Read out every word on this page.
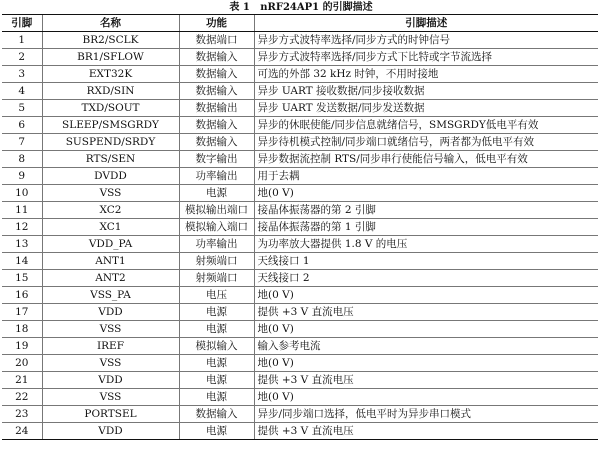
表 1 nRF24AP1 的引脚描述
引脚	名称	功能	引脚描述
1	BR2/SCLK	数据端口	异步方式波特率选择/同步方式的时钟信号
2	BR1/SFLOW	数据输入	异步方式波特率选择/同步方式下比特或字节流选择
3	EXT32K	数据输入	可选的外部 32 kHz 时钟，不用时接地
4	RXD/SIN	数据输入	异步 UART 接收数据/同步接收数据
5	TXD/SOUT	数据输出	异步 UART 发送数据/同步发送数据
6	SLEEP/SMSGRDY	数据输入	异步的休眠使能/同步信息就绪信号，SMSGRDY低电平有效
7	SUSPEND/SRDY	数据输入	异步待机模式控制/同步端口就绪信号，两者都为低电平有效
8	RTS/SEN	数字输出	异步数据流控制 RTS/同步串行使能信号输入，低电平有效
9	DVDD	功率输出	用于去耦
10	VSS	电源	地(0 V)
11	XC2	模拟输出端口	接晶体振荡器的第 2 引脚
12	XC1	模拟输入端口	接晶体振荡器的第 1 引脚
13	VDD_PA	功率输出	为功率放大器提供 1.8 V 的电压
14	ANT1	射频端口	天线接口 1
15	ANT2	射频端口	天线接口 2
16	VSS_PA	电压	地(0 V)
17	VDD	电源	提供 +3 V 直流电压
18	VSS	电源	地(0 V)
19	IREF	模拟输入	输入参考电流
20	VSS	电源	地(0 V)
21	VDD	电源	提供 +3 V 直流电压
22	VSS	电源	地(0 V)
23	PORTSEL	数据输入	异步/同步端口选择，低电平时为异步串口模式
24	VDD	电源	提供 +3 V 直流电压
